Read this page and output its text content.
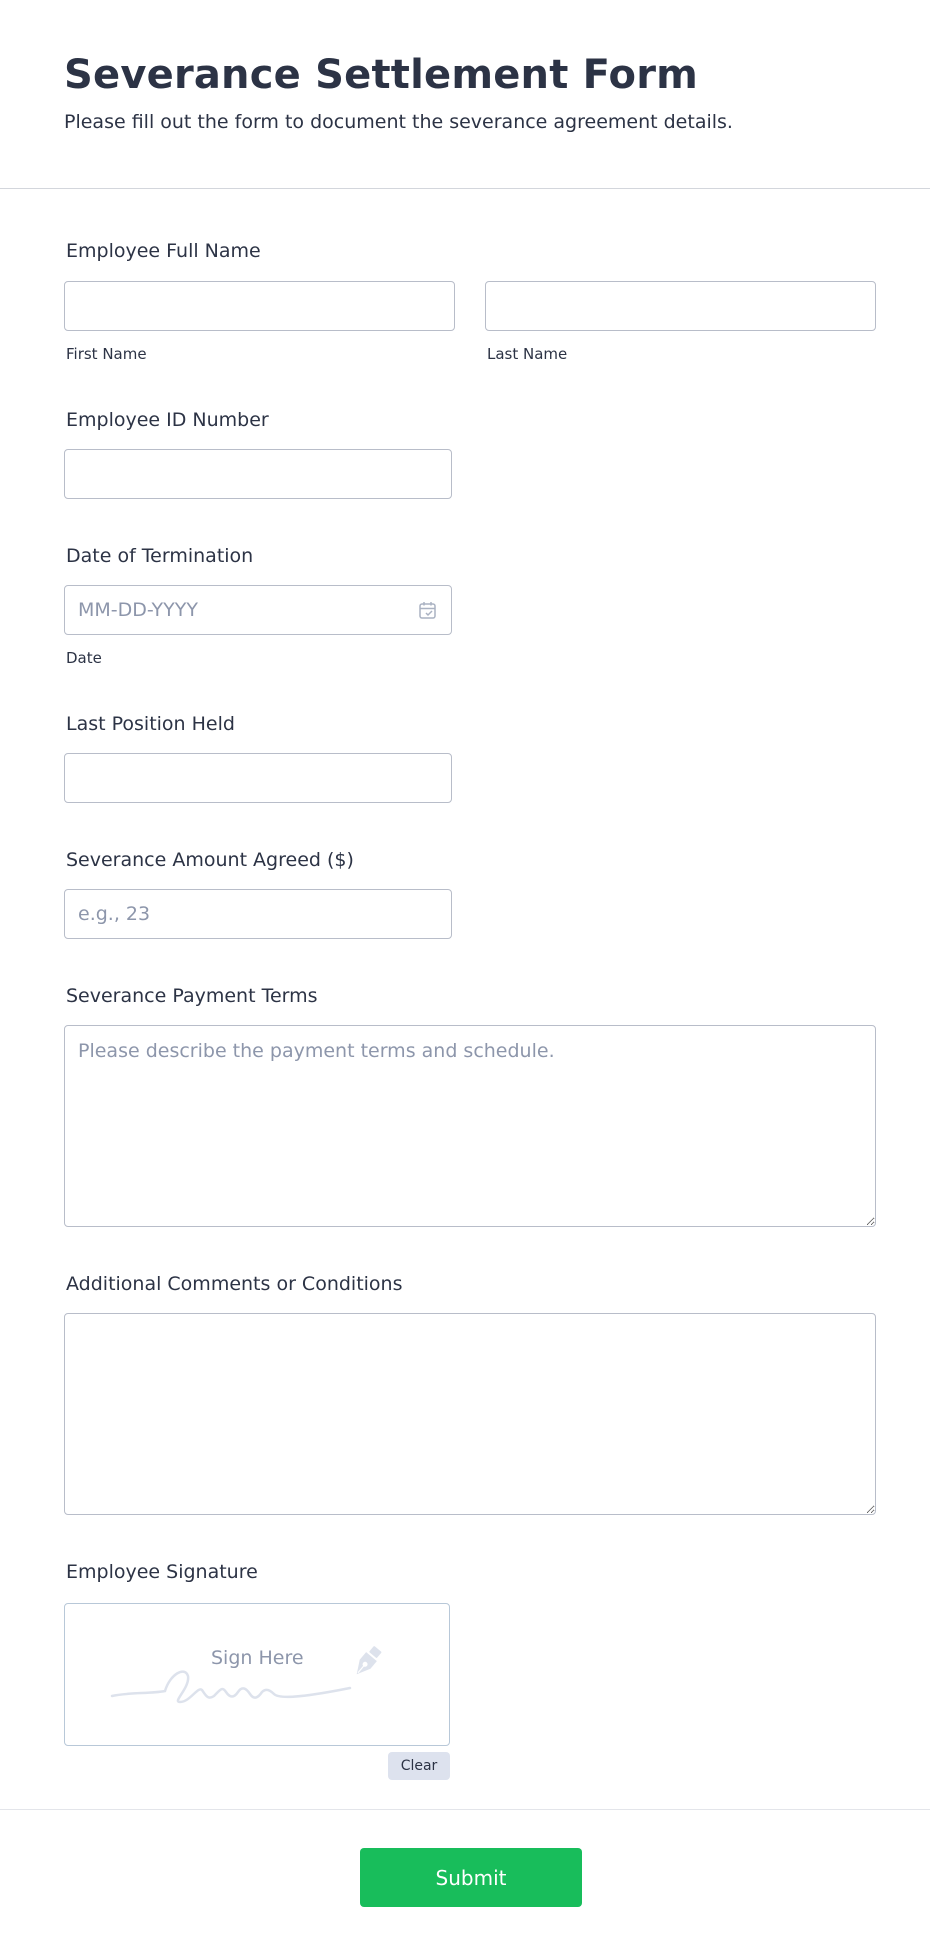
Severance Settlement Form

Please fill out the form to document the severance agreement details.

Employee Full Name
First Name	Last Name
Employee ID Number
Date of Termination
MM-DD-YYYY
Date
Last Position Held
Severance Amount Agreed ($)
e.g., 23
Severance Payment Terms
Please describe the payment terms and schedule.
Additional Comments or Conditions
Employee Signature
Sign Here
Clear
Submit
